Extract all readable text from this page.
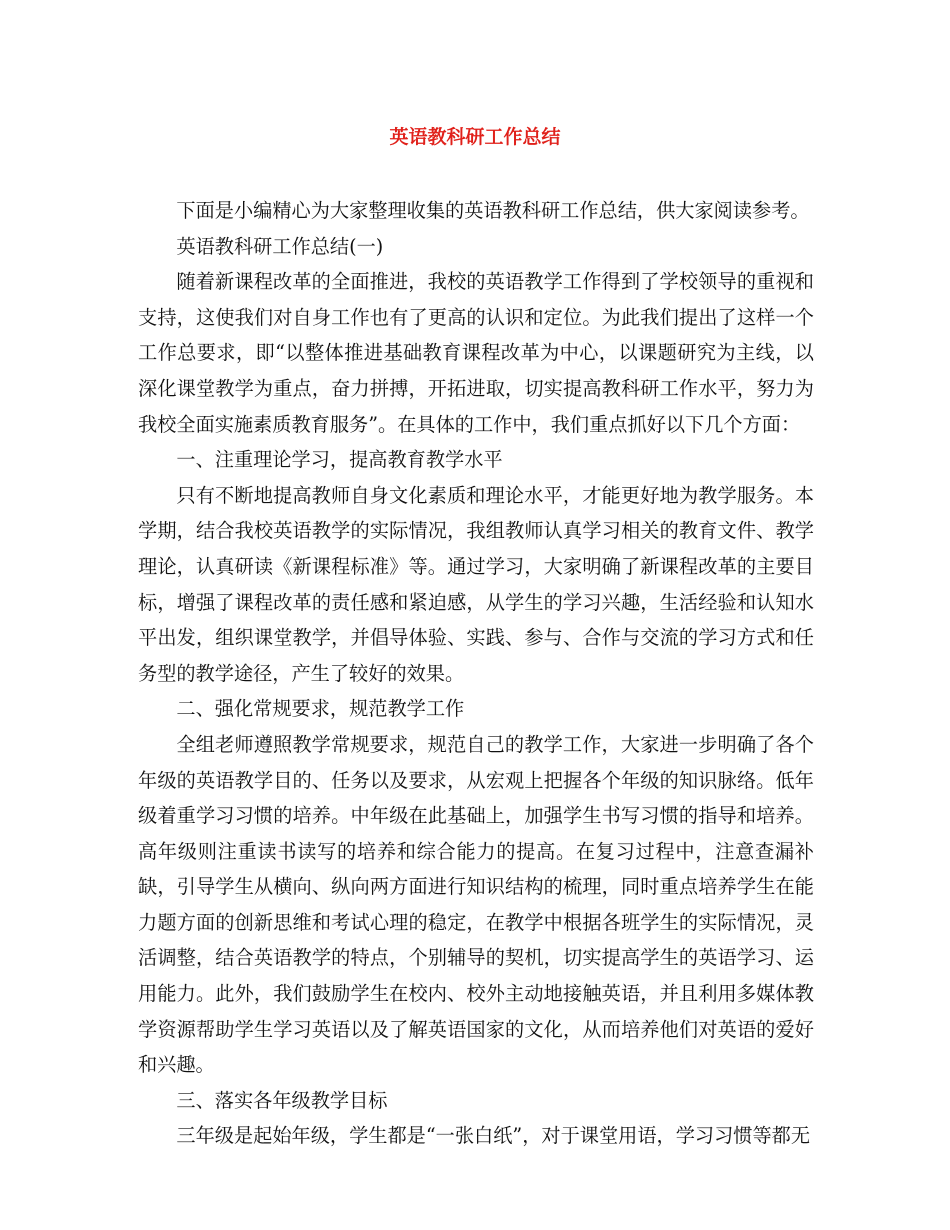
英语教科研工作总结

下面是小编精心为大家整理收集的英语教科研工作总结，供大家阅读参考。

英语教科研工作总结(一)

随着新课程改革的全面推进，我校的英语教学工作得到了学校领导的重视和支持，这使我们对自身工作也有了更高的认识和定位。为此我们提出了这样一个工作总要求，即“以整体推进基础教育课程改革为中心，以课题研究为主线，以深化课堂教学为重点，奋力拼搏，开拓进取，切实提高教科研工作水平，努力为我校全面实施素质教育服务”。在具体的工作中，我们重点抓好以下几个方面：

一、注重理论学习，提高教育教学水平

只有不断地提高教师自身文化素质和理论水平，才能更好地为教学服务。本学期，结合我校英语教学的实际情况，我组教师认真学习相关的教育文件、教学理论，认真研读《新课程标准》等。通过学习，大家明确了新课程改革的主要目标，增强了课程改革的责任感和紧迫感，从学生的学习兴趣，生活经验和认知水平出发，组织课堂教学，并倡导体验、实践、参与、合作与交流的学习方式和任务型的教学途径，产生了较好的效果。

二、强化常规要求，规范教学工作

全组老师遵照教学常规要求，规范自己的教学工作，大家进一步明确了各个年级的英语教学目的、任务以及要求，从宏观上把握各个年级的知识脉络。低年级着重学习习惯的培养。中年级在此基础上，加强学生书写习惯的指导和培养。高年级则注重读书读写的培养和综合能力的提高。在复习过程中，注意查漏补缺，引导学生从横向、纵向两方面进行知识结构的梳理，同时重点培养学生在能力题方面的创新思维和考试心理的稳定，在教学中根据各班学生的实际情况，灵活调整，结合英语教学的特点，个别辅导的契机，切实提高学生的英语学习、运用能力。此外，我们鼓励学生在校内、校外主动地接触英语，并且利用多媒体教学资源帮助学生学习英语以及了解英语国家的文化，从而培养他们对英语的爱好和兴趣。

三、落实各年级教学目标

三年级是起始年级，学生都是“一张白纸”，对于课堂用语，学习习惯等都无
